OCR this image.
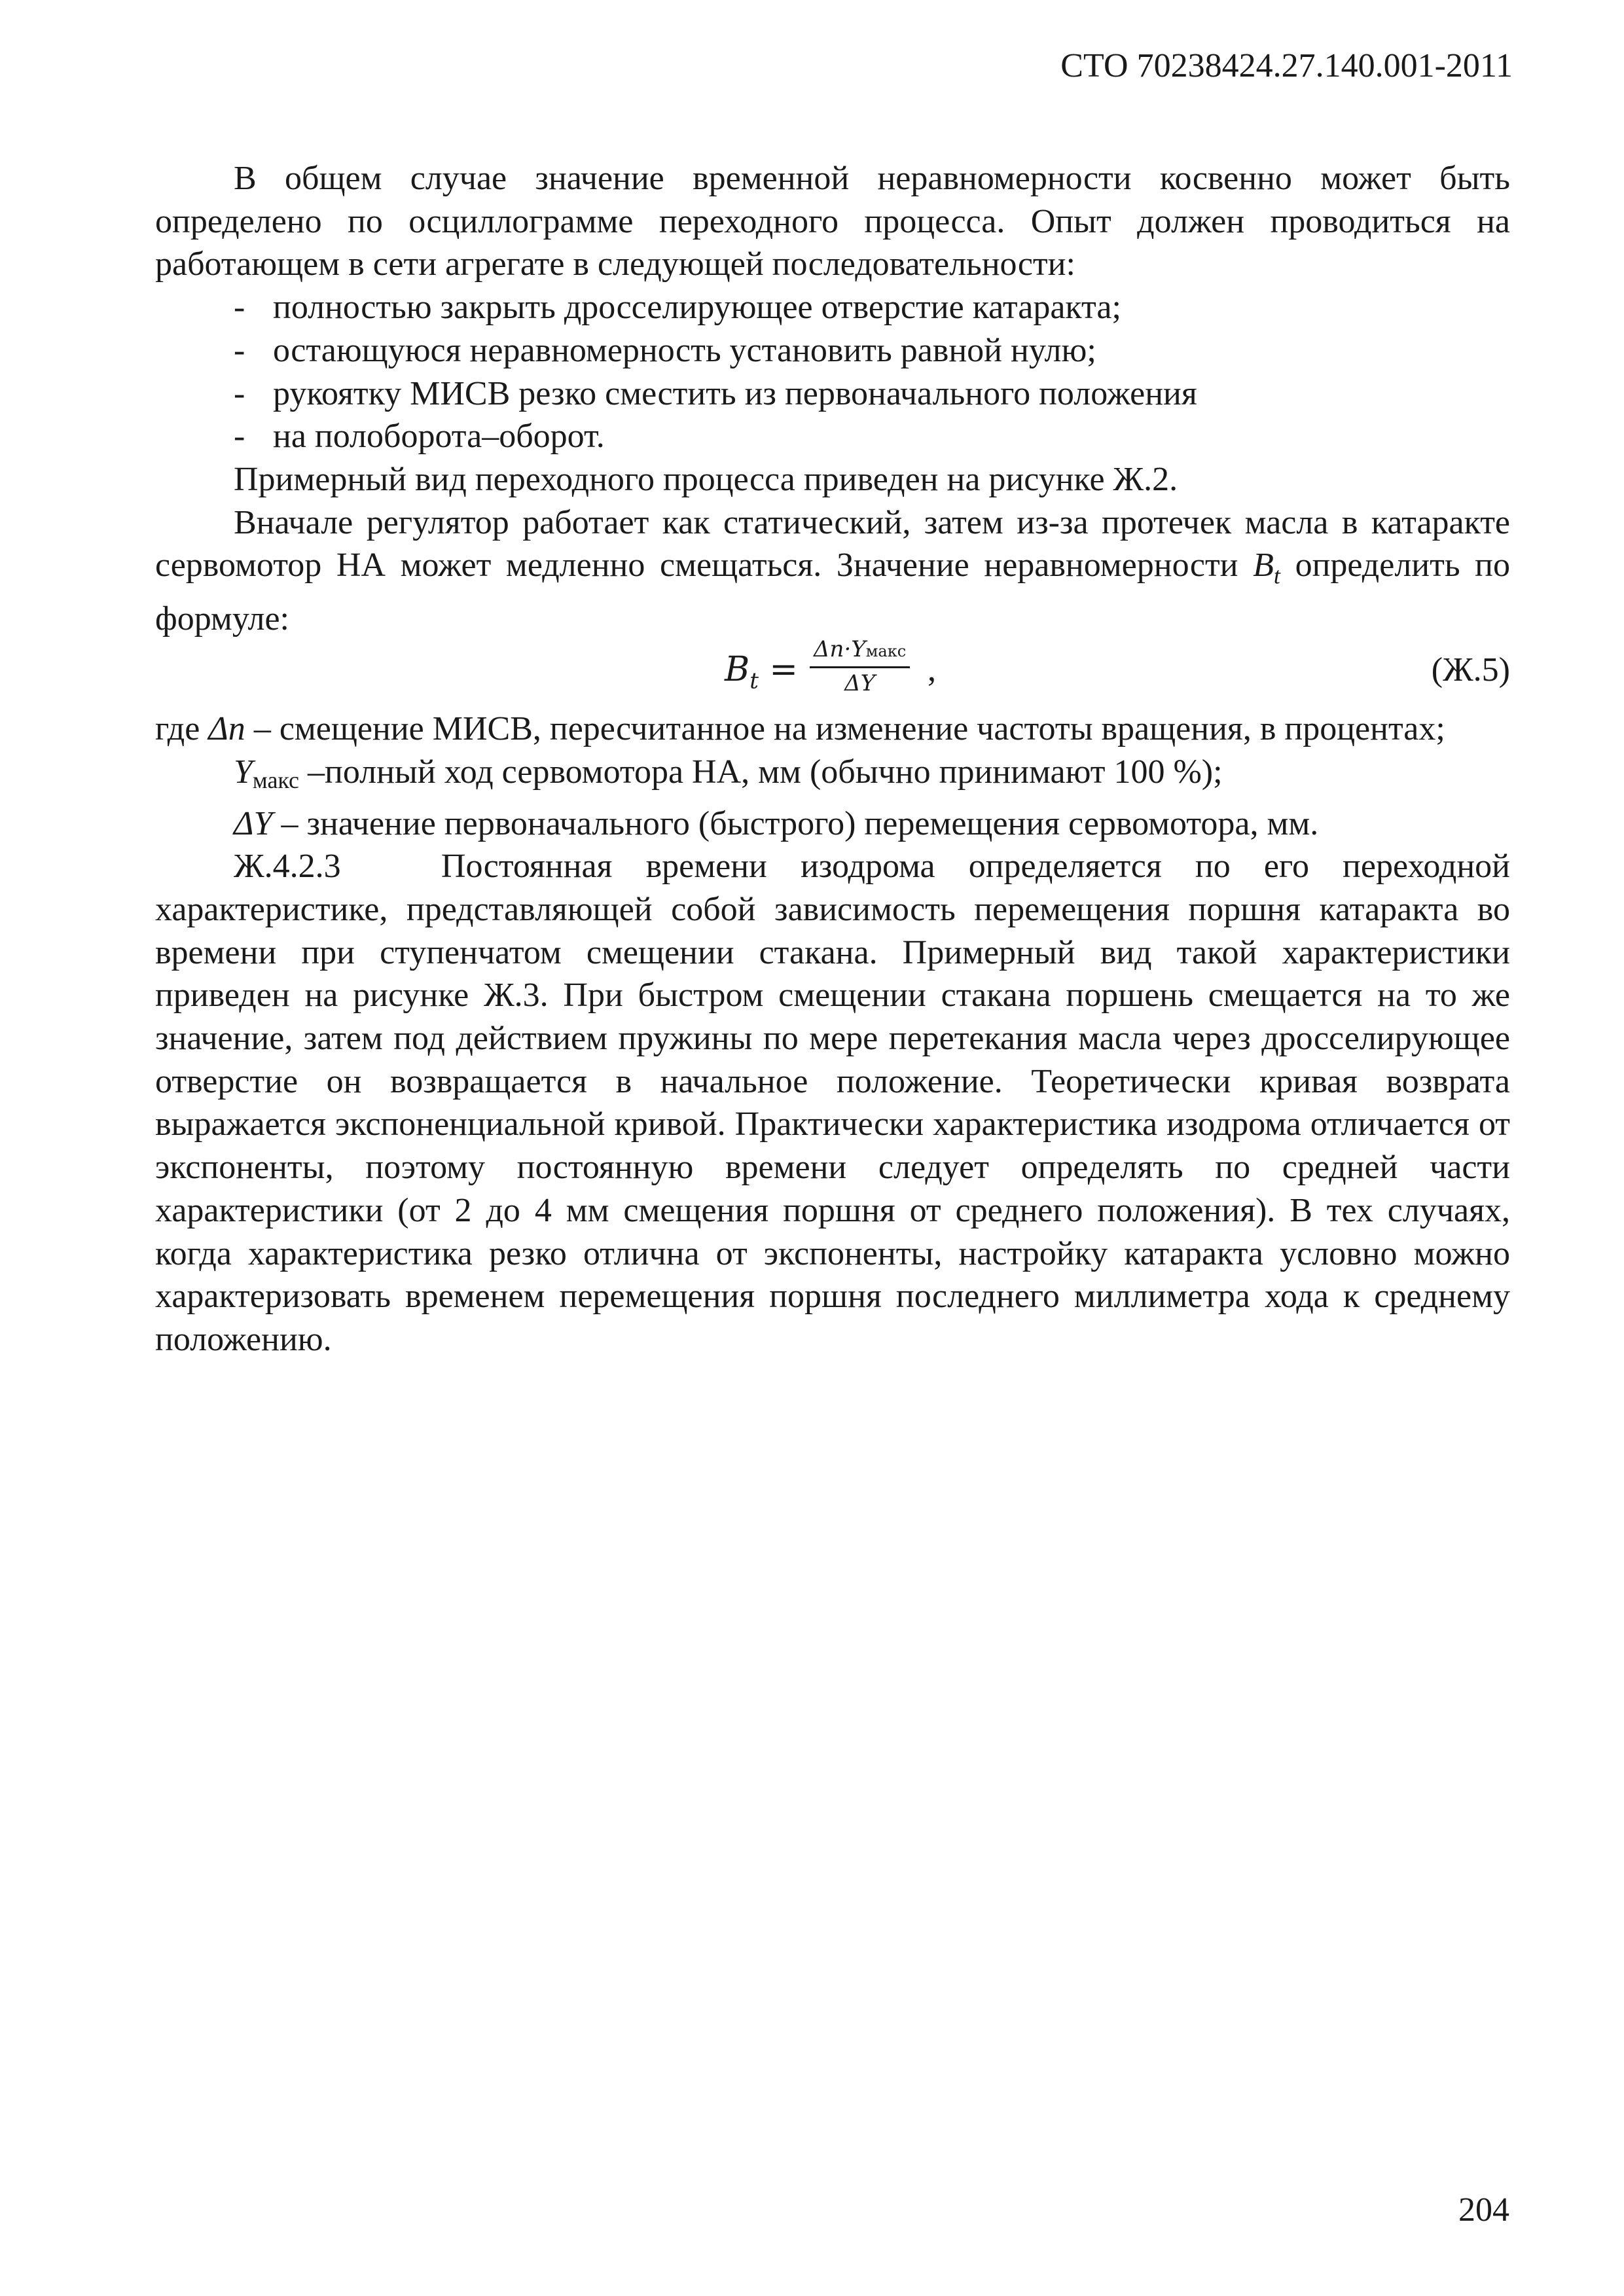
СТО 70238424.27.140.001-2011

В общем случае значение временной неравномерности косвенно может быть определено по осциллограмме переходного процесса. Опыт должен проводиться на работающем в сети агрегате в следующей последовательности:

- полностью закрыть дросселирующее отверстие катаракта;
- остающуюся неравномерность установить равной нулю;
- рукоятку МИСВ резко сместить из первоначального положения
- на полоборота–оборот.

Примерный вид переходного процесса приведен на рисунке Ж.2.

Вначале регулятор работает как статический, затем из-за протечек масла в катаракте сервомотор НА может медленно смещаться. Значение неравномерности $B_t$ определить по формуле:

$B_t$ =
Δn·Yмакс
ΔY ,	(Ж.5)

где Δn – смещение МИСВ, пересчитанное на изменение частоты вращения, в процентах;

Yмакс –полный ход сервомотора НА, мм (обычно принимают 100 %);

ΔY – значение первоначального (быстрого) перемещения сервомотора, мм.

Ж.4.2.3	Постоянная времени изодрома определяется по его переходной характеристике, представляющей собой зависимость перемещения поршня катаракта во времени при ступенчатом смещении стакана. Примерный вид такой характеристики приведен на рисунке Ж.3. При быстром смещении стакана поршень смещается на то же значение, затем под действием пружины по мере перетекания масла через дросселирующее отверстие он возвращается в начальное положение. Теоретически кривая возврата выражается экспоненциальной кривой. Практически характеристика изодрома отличается от экспоненты, поэтому постоянную времени следует определять по средней части характеристики (от 2 до 4 мм смещения поршня от среднего положения). В тех случаях, когда характеристика резко отлична от экспоненты, настройку катаракта условно можно характеризовать временем перемещения поршня последнего миллиметра хода к среднему положению.

204
